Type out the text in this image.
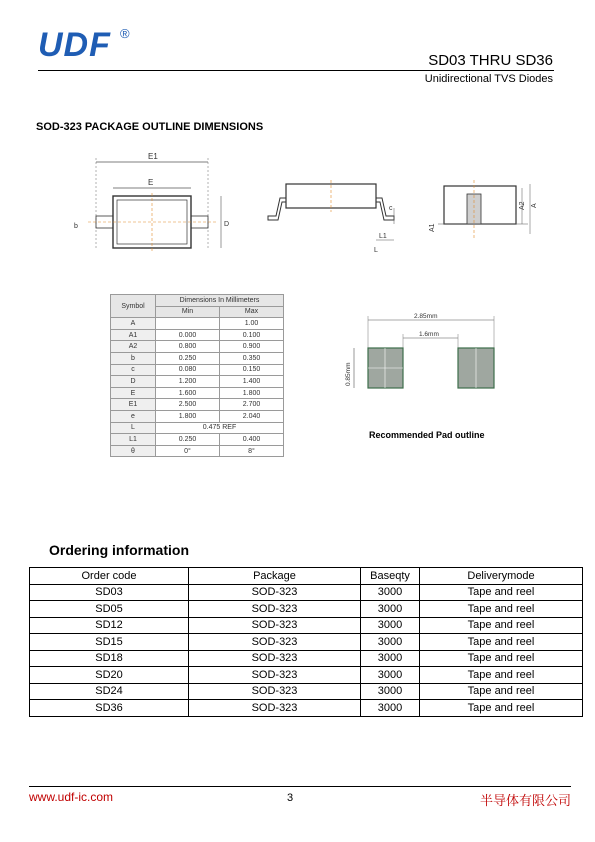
UDF ®
SD03 THRU SD36
Unidirectional TVS Diodes
SOD-323 PACKAGE OUTLINE DIMENSIONS
E1
E
D
b
c
L1
L
A2 A
A1
Symbol	Dimensions In Millimeters	
	Min	Max
A		1.00
A1	0.000	0.100
A2	0.800	0.900
b	0.250	0.350
c	0.080	0.150
D	1.200	1.400
E	1.600	1.800
E1	2.500	2.700
e	1.800	2.040
L	0.475 REF	
L1	0.250	0.400
θ	0°	8°
2.85mm
1.6mm
0.85mm
Recommended Pad outline
Ordering information
Order code	Package	Baseqty	Deliverymode
SD03	SOD-323	3000	Tape and reel
SD05	SOD-323	3000	Tape and reel
SD12	SOD-323	3000	Tape and reel
SD15	SOD-323	3000	Tape and reel
SD18	SOD-323	3000	Tape and reel
SD20	SOD-323	3000	Tape and reel
SD24	SOD-323	3000	Tape and reel
SD36	SOD-323	3000	Tape and reel
www.udf-ic.com	3	半导体有限公司
